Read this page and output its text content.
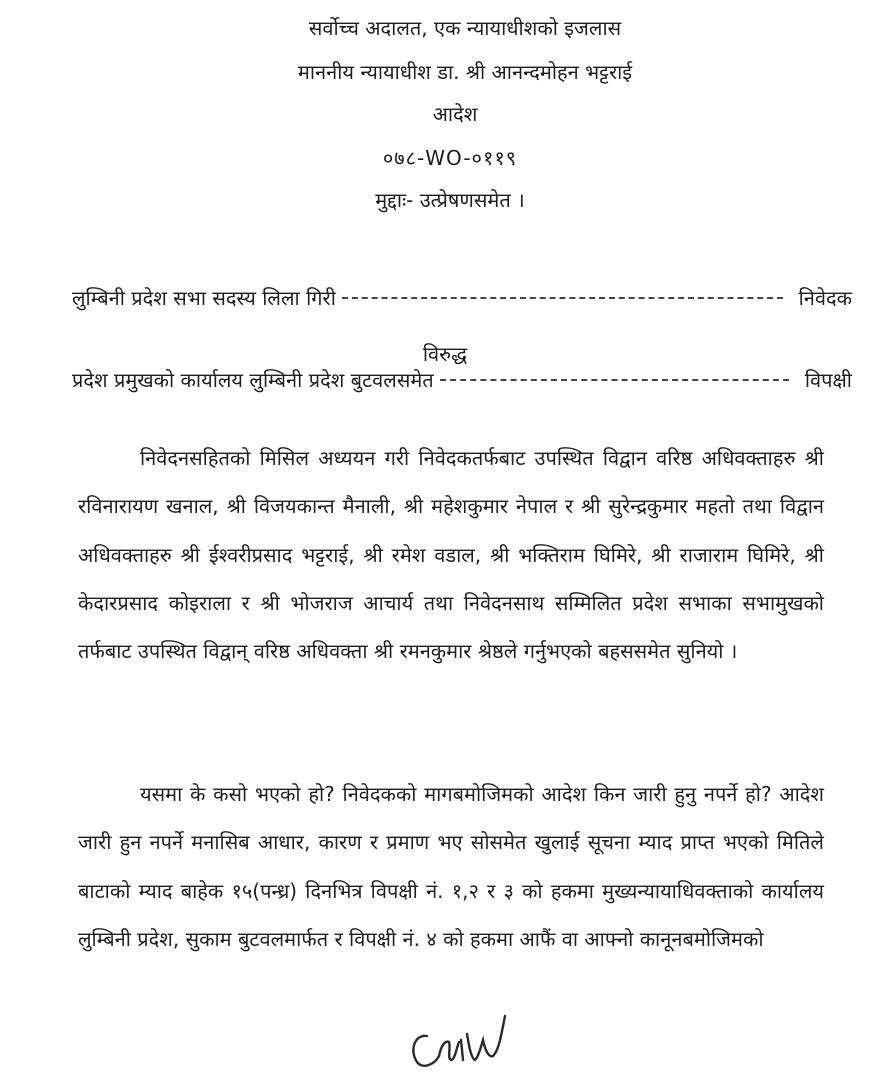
सर्वोच्च अदालत, एक न्यायाधीशको इजलास
माननीय न्यायाधीश डा. श्री आनन्दमोहन भट्टराई
आदेश
०७८-WO-०११९
मुद्दाः- उत्प्रेषणसमेत ।
लुम्बिनी प्रदेश सभा सदस्य लिला गिरी	निवेदक
विरुद्ध
प्रदेश प्रमुखको कार्यालय लुम्बिनी प्रदेश बुटवलसमेत	विपक्षी
निवेदनसहितको मिसिल अध्ययन गरी निवेदकतर्फबाट उपस्थित विद्वान वरिष्ठ अधिवक्ताहरु श्री रविनारायण खनाल, श्री विजयकान्त मैनाली, श्री महेशकुमार नेपाल र श्री सुरेन्द्रकुमार महतो तथा विद्वान अधिवक्ताहरु श्री ईश्वरीप्रसाद भट्टराई, श्री रमेश वडाल, श्री भक्तिराम घिमिरे, श्री राजाराम घिमिरे, श्री केदारप्रसाद कोइराला र श्री भोजराज आचार्य तथा निवेदनसाथ सम्मिलित प्रदेश सभाका सभामुखको तर्फबाट उपस्थित विद्वान् वरिष्ठ अधिवक्ता श्री रमनकुमार श्रेष्ठले गर्नुभएको बहससमेत सुनियो ।
यसमा के कसो भएको हो? निवेदकको मागबमोजिमको आदेश किन जारी हुनु नपर्ने हो? आदेश जारी हुन नपर्ने मनासिब आधार, कारण र प्रमाण भए सोसमेत खुलाई सूचना म्याद प्राप्त भएको मितिले बाटाको म्याद बाहेक १५(पन्ध्र) दिनभित्र विपक्षी नं. १,२ र ३ को हकमा मुख्यन्यायाधिवक्ताको कार्यालय लुम्बिनी प्रदेश, सुकाम बुटवलमार्फत र विपक्षी नं. ४ को हकमा आफैं वा आफ्नो कानूनबमोजिमको
